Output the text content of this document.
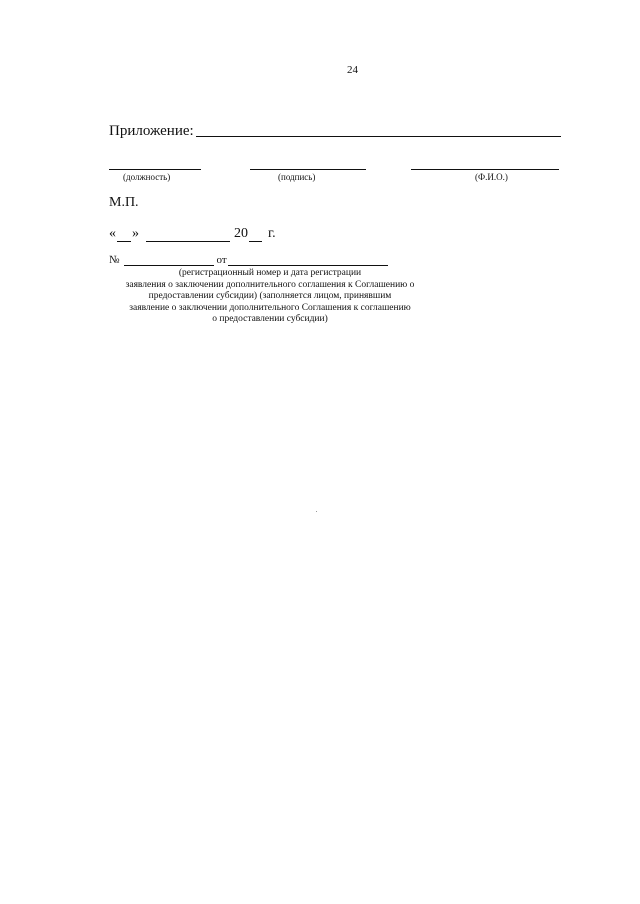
24
Приложение:
(должность)	(подпись)	(Ф.И.О.)
М.П.
« »	20 г.
№	от
(регистрационный номер и дата регистрации
заявления о заключении дополнительного соглашения к Соглашению о
предоставлении субсидии) (заполняется лицом, принявшим
заявление о заключении дополнительного Соглашения к соглашению
о предоставлении субсидии)
